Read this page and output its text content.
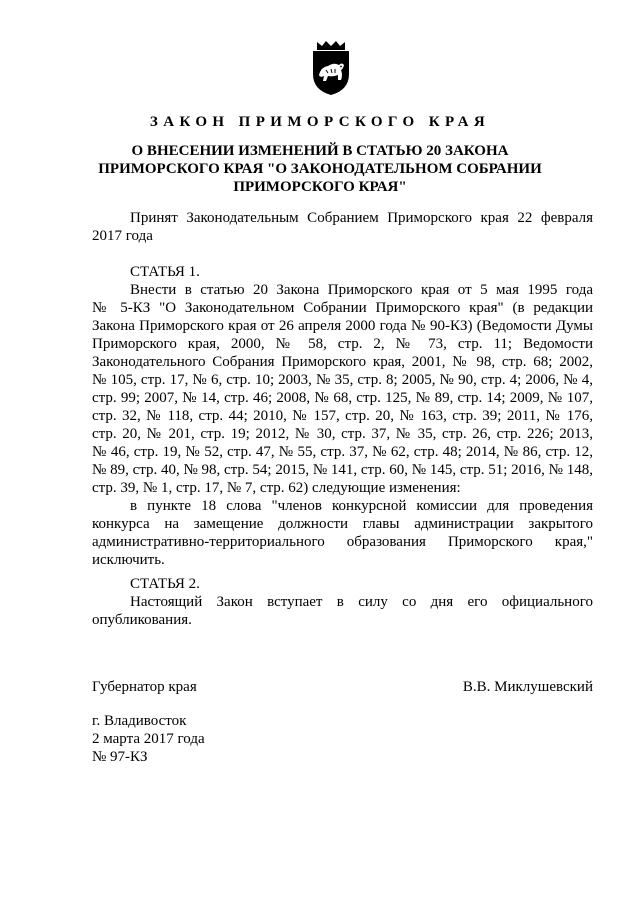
ЗАКОН ПРИМОРСКОГО КРАЯ
О ВНЕСЕНИИ ИЗМЕНЕНИЙ В СТАТЬЮ 20 ЗАКОНА
ПРИМОРСКОГО КРАЯ "О ЗАКОНОДАТЕЛЬНОМ СОБРАНИИ
ПРИМОРСКОГО КРАЯ"
Принят Законодательным Собранием Приморского края 22 февраля
2017 года
СТАТЬЯ 1.
Внести в статью 20 Закона Приморского края от 5 мая 1995 года
№ 5-КЗ "О Законодательном Собрании Приморского края" (в редакции
Закона Приморского края от 26 апреля 2000 года № 90-КЗ) (Ведомости Думы
Приморского края, 2000, № 58, стр. 2, № 73, стр. 11; Ведомости
Законодательного Собрания Приморского края, 2001, № 98, стр. 68; 2002,
№ 105, стр. 17, № 6, стр. 10; 2003, № 35, стр. 8; 2005, № 90, стр. 4; 2006, № 4,
стр. 99; 2007, № 14, стр. 46; 2008, № 68, стр. 125, № 89, стр. 14; 2009, № 107,
стр. 32, № 118, стр. 44; 2010, № 157, стр. 20, № 163, стр. 39; 2011, № 176,
стр. 20, № 201, стр. 19; 2012, № 30, стр. 37, № 35, стр. 26, стр. 226; 2013,
№ 46, стр. 19, № 52, стр. 47, № 55, стр. 37, № 62, стр. 48; 2014, № 86, стр. 12,
№ 89, стр. 40, № 98, стр. 54; 2015, № 141, стр. 60, № 145, стр. 51; 2016, № 148,
стр. 39, № 1, стр. 17, № 7, стр. 62) следующие изменения:
в пункте 18 слова "членов конкурсной комиссии для проведения
конкурса на замещение должности главы администрации закрытого
административно-территориального образования Приморского края,"
исключить.
СТАТЬЯ 2.
Настоящий Закон вступает в силу со дня его официального
опубликования.
Губернатор края	В.В. Миклушевский
г. Владивосток
2 марта 2017 года
№ 97-КЗ
